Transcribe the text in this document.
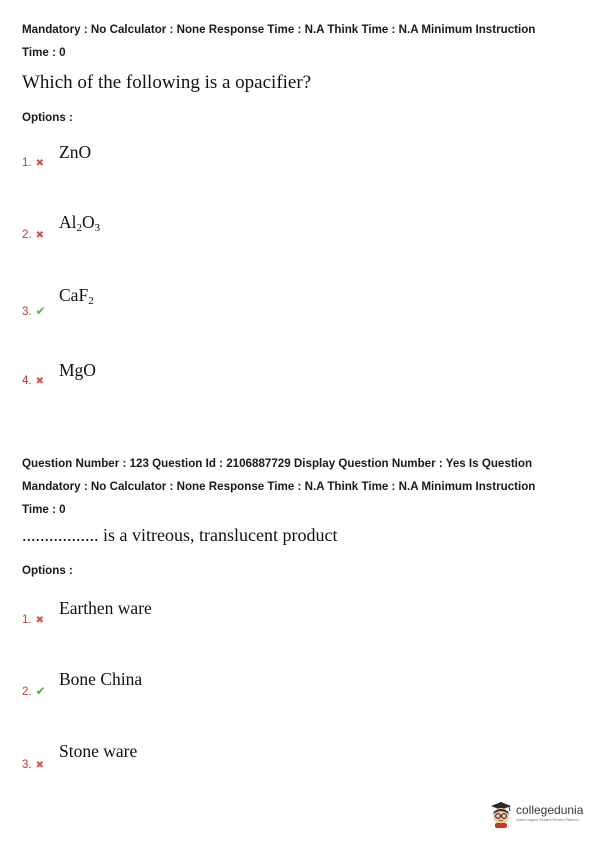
Mandatory : No Calculator : None Response Time : N.A Think Time : N.A Minimum Instruction
Time : 0
Which of the following is a opacifier?
Options :
ZnO
1. ✖
$Al_2O_3$
2. ✖
CaF$_2$
3. ✔
MgO
4. ✖
Question Number : 123 Question Id : 2106887729 Display Question Number : Yes Is Question
Mandatory : No Calculator : None Response Time : N.A Think Time : N.A Minimum Instruction
Time : 0
................. is a vitreous, translucent product
Options :
Earthen ware
1. ✖
Bone China
2. ✔
Stone ware
3. ✖
collegedunia
India's largest Student Review Platform
